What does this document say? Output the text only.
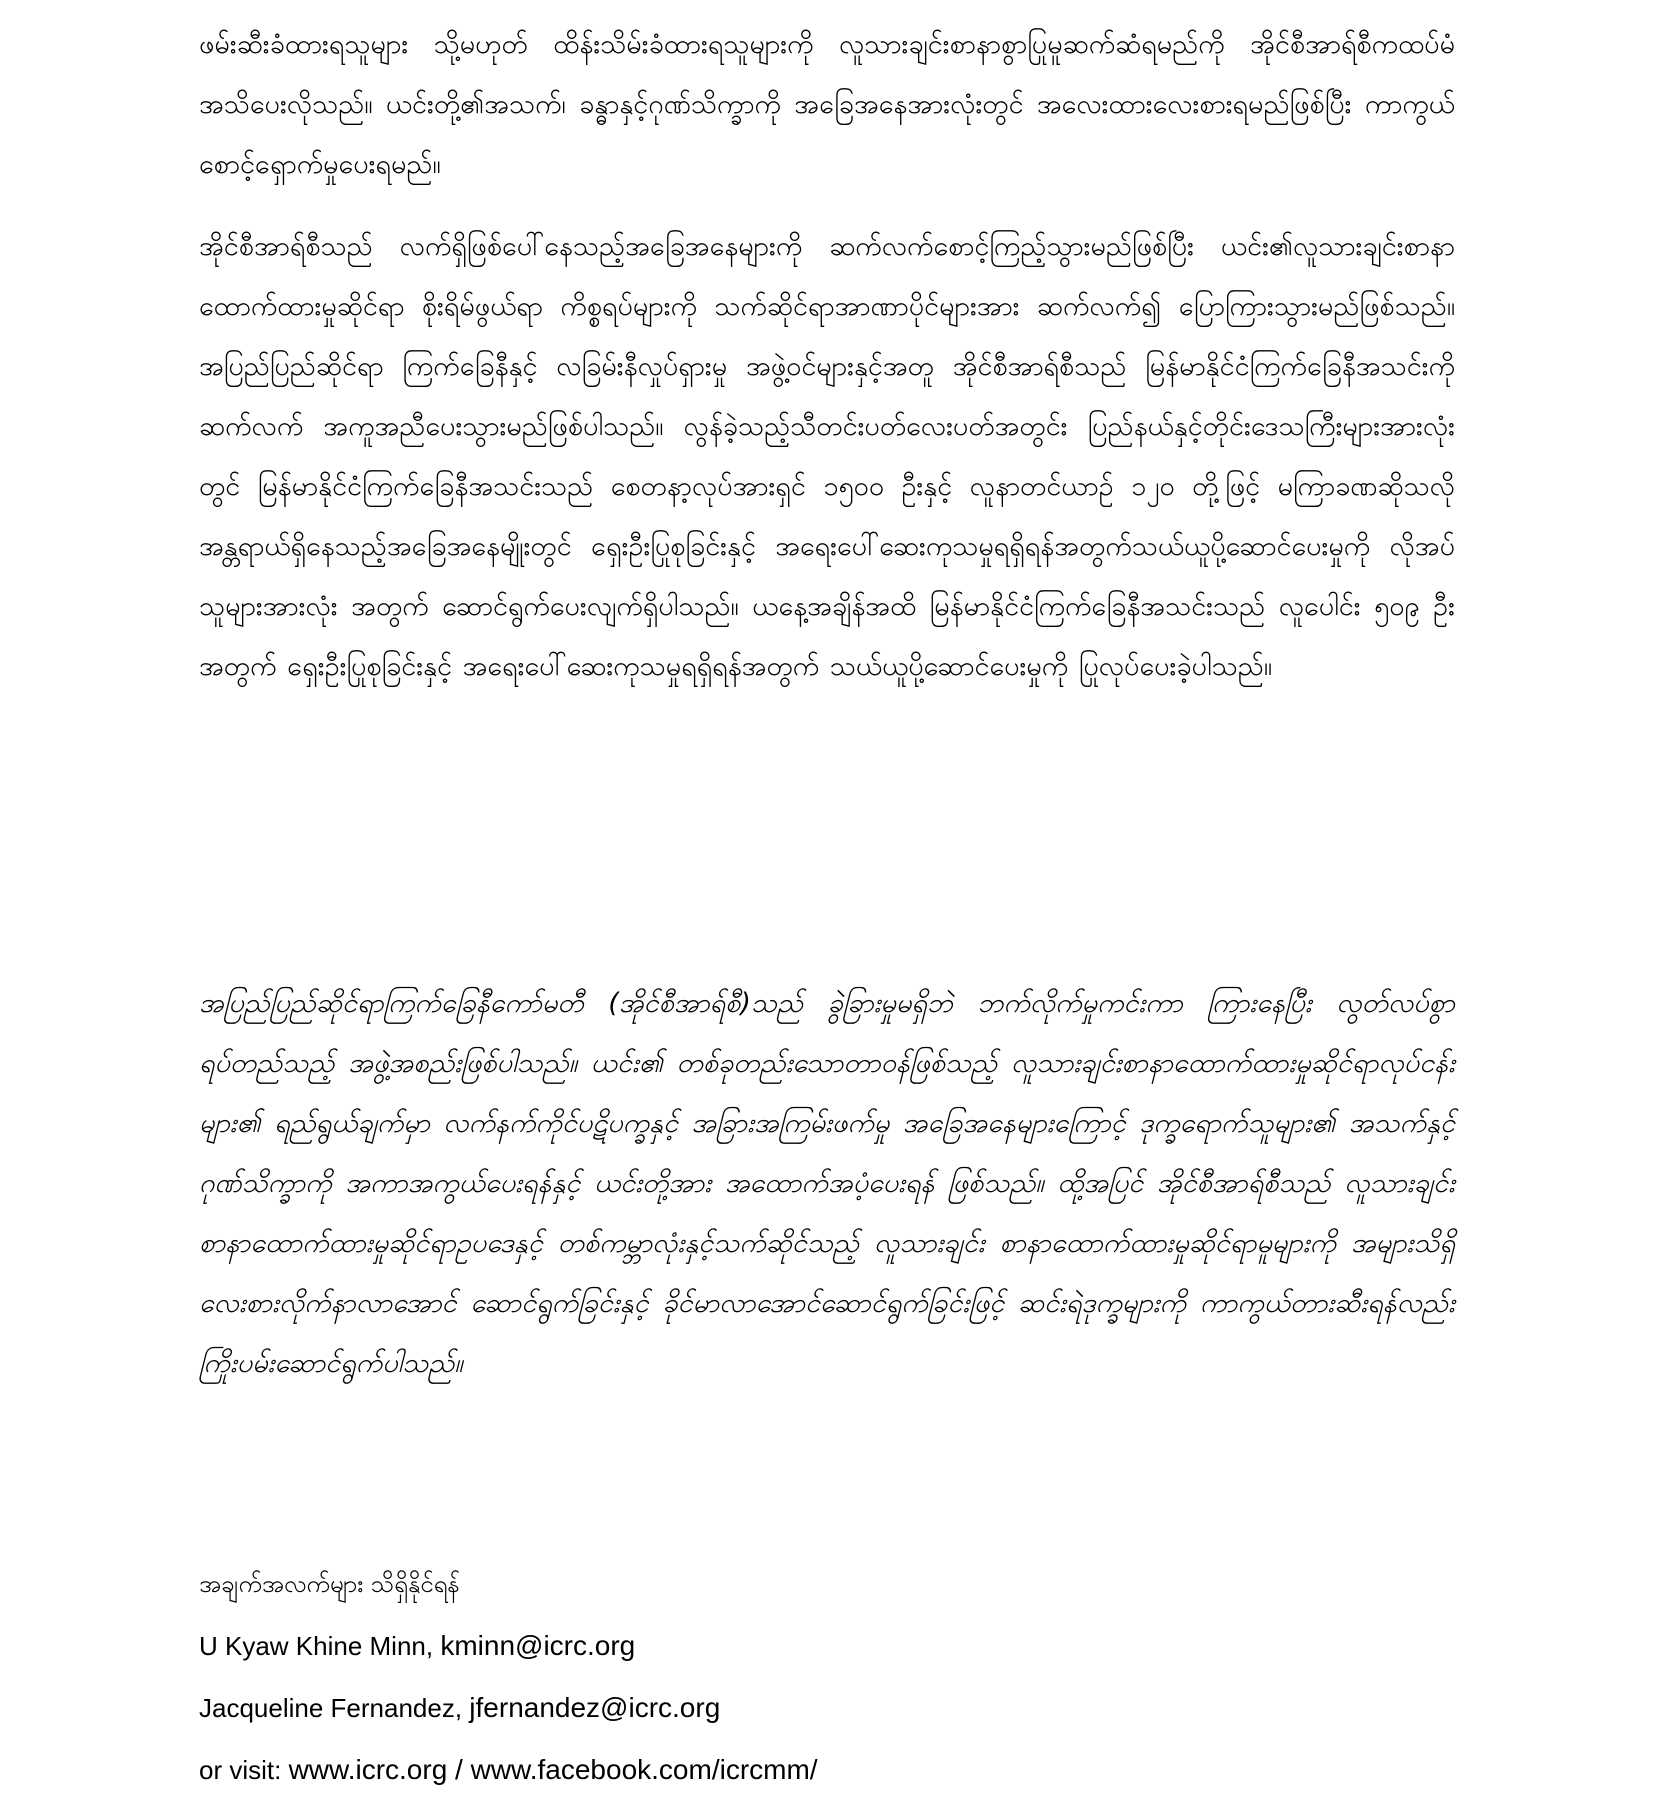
ဖမ်းဆီးခံထားရသူများ သို့မဟုတ် ထိန်းသိမ်းခံထားရသူများကို လူသားချင်းစာနာစွာပြုမူဆက်ဆံရမည်ကို အိုင်စီအာရ်စီကထပ်မံအသိပေးလိုသည်။ ယင်းတို့၏အသက်၊ ခန္ဓာနှင့်ဂုဏ်သိက္ခာကို အခြေအနေအားလုံးတွင် အလေးထားလေးစားရမည်ဖြစ်ပြီး ကာကွယ်စောင့်ရှောက်မှုပေးရမည်။

အိုင်စီအာရ်စီသည် လက်ရှိဖြစ်ပေါ်နေသည့်အခြေအနေများကို ဆက်လက်စောင့်ကြည့်သွားမည်ဖြစ်ပြီး ယင်း၏လူသားချင်းစာနာထောက်ထားမှုဆိုင်ရာ စိုးရိမ်ဖွယ်ရာ ကိစ္စရပ်များကို သက်ဆိုင်ရာအာဏာပိုင်များအား ဆက်လက်၍ ပြောကြားသွားမည်ဖြစ်သည်။ အပြည်ပြည်ဆိုင်ရာ ကြက်ခြေနီနှင့် လခြမ်းနီလှုပ်ရှားမှု အဖွဲ့ဝင်များနှင့်အတူ အိုင်စီအာရ်စီသည် မြန်မာနိုင်ငံကြက်ခြေနီအသင်းကို ဆက်လက် အကူအညီပေးသွားမည်ဖြစ်ပါသည်။ လွန်ခဲ့သည့်သီတင်းပတ်လေးပတ်အတွင်း ပြည်နယ်နှင့်တိုင်းဒေသကြီးများအားလုံးတွင် မြန်မာနိုင်ငံကြက်ခြေနီအသင်းသည် စေတနာ့လုပ်အားရှင် ၁၅၀၀ ဦးနှင့် လူနာတင်ယာဉ် ၁၂၀ တို့ဖြင့် မကြာခဏဆိုသလို အန္တရာယ်ရှိနေသည့်အခြေအနေမျိုးတွင် ရှေးဦးပြုစုခြင်းနှင့် အရေးပေါ်ဆေးကုသမှုရရှိရန်အတွက်သယ်ယူပို့ဆောင်ပေးမှုကို လိုအပ်သူများအားလုံး အတွက် ဆောင်ရွက်ပေးလျက်ရှိပါသည်။ ယနေ့အချိန်အထိ မြန်မာနိုင်ငံကြက်ခြေနီအသင်းသည် လူပေါင်း ၅၀၉ ဦးအတွက် ရှေးဦးပြုစုခြင်းနှင့် အရေးပေါ်ဆေးကုသမှုရရှိရန်အတွက် သယ်ယူပို့ဆောင်ပေးမှုကို ပြုလုပ်ပေးခဲ့ပါသည်။

အပြည်ပြည်ဆိုင်ရာကြက်ခြေနီကော်မတီ (အိုင်စီအာရ်စီ)သည် ခွဲခြားမှုမရှိဘဲ ဘက်လိုက်မှုကင်းကာ ကြားနေပြီး လွတ်လပ်စွာရပ်တည်သည့် အဖွဲ့အစည်းဖြစ်ပါသည်။ ယင်း၏ တစ်ခုတည်းသောတာဝန်ဖြစ်သည့် လူသားချင်းစာနာထောက်ထားမှုဆိုင်ရာလုပ်ငန်းများ၏ ရည်ရွယ်ချက်မှာ လက်နက်ကိုင်ပဋိပက္ခနှင့် အခြားအကြမ်းဖက်မှု အခြေအနေများကြောင့် ဒုက္ခရောက်သူများ၏ အသက်နှင့်ဂုဏ်သိက္ခာကို အကာအကွယ်ပေးရန်နှင့် ယင်းတို့အား အထောက်အပံ့ပေးရန် ဖြစ်သည်။ ထို့အပြင် အိုင်စီအာရ်စီသည် လူသားချင်းစာနာထောက်ထားမှုဆိုင်ရာဥပဒေနှင့် တစ်ကမ္ဘာလုံးနှင့်သက်ဆိုင်သည့် လူသားချင်း စာနာထောက်ထားမှုဆိုင်ရာမူများကို အများသိရှိလေးစားလိုက်နာလာအောင် ဆောင်ရွက်ခြင်းနှင့် ခိုင်မာလာအောင်ဆောင်ရွက်ခြင်းဖြင့် ဆင်းရဲဒုက္ခများကို ကာကွယ်တားဆီးရန်လည်း ကြိုးပမ်းဆောင်ရွက်ပါသည်။

အချက်အလက်များ သိရှိနိုင်ရန်
U Kyaw Khine Minn, kminn@icrc.org
Jacqueline Fernandez, jfernandez@icrc.org
or visit: www.icrc.org / www.facebook.com/icrcmm/
